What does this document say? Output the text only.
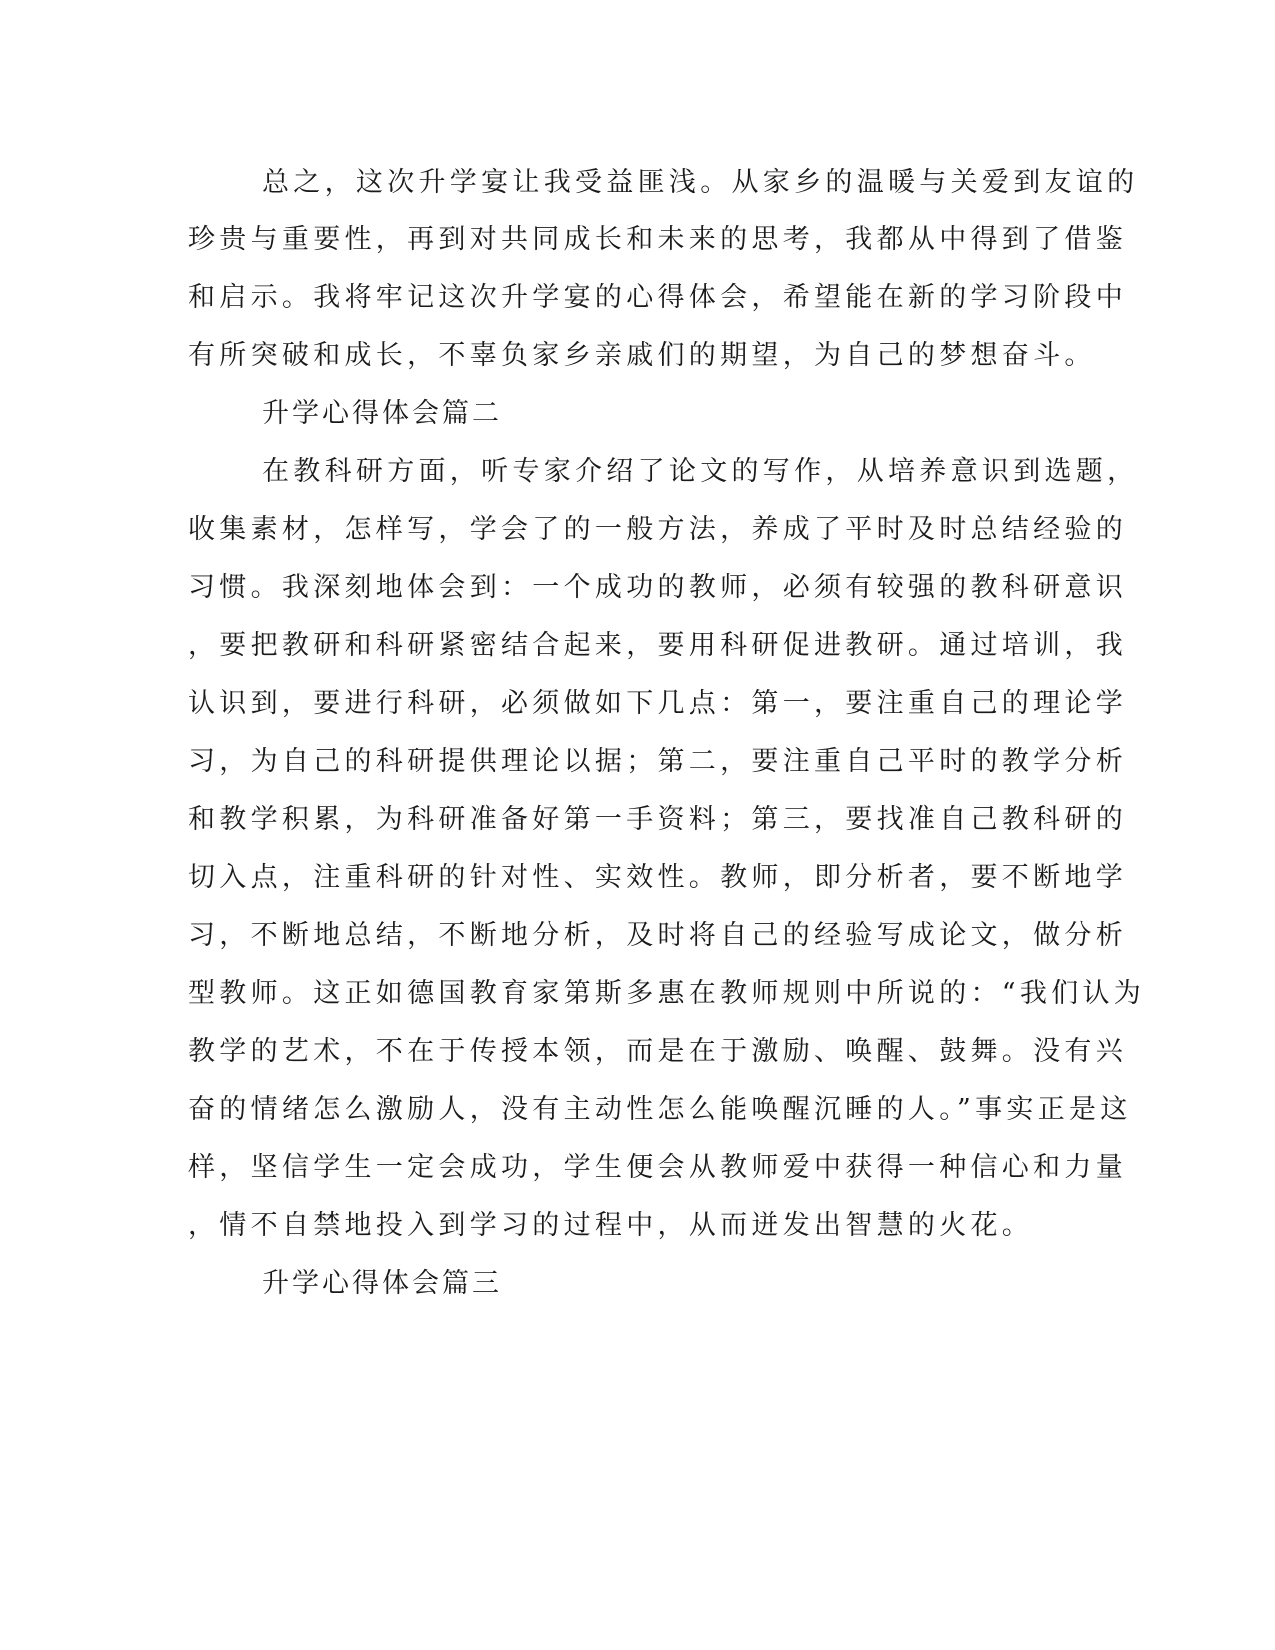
总之，这次升学宴让我受益匪浅。从家乡的温暖与关爱到友谊的
珍贵与重要性，再到对共同成长和未来的思考，我都从中得到了借鉴
和启示。我将牢记这次升学宴的心得体会，希望能在新的学习阶段中
有所突破和成长，不辜负家乡亲戚们的期望，为自己的梦想奋斗。
升学心得体会篇二
在教科研方面，听专家介绍了论文的写作，从培养意识到选题，
收集素材，怎样写，学会了的一般方法，养成了平时及时总结经验的
习惯。我深刻地体会到：一个成功的教师，必须有较强的教科研意识
，要把教研和科研紧密结合起来，要用科研促进教研。通过培训，我
认识到，要进行科研，必须做如下几点：第一，要注重自己的理论学
习，为自己的科研提供理论以据；第二，要注重自己平时的教学分析
和教学积累，为科研准备好第一手资料；第三，要找准自己教科研的
切入点，注重科研的针对性、实效性。教师，即分析者，要不断地学
习，不断地总结，不断地分析，及时将自己的经验写成论文，做分析
型教师。这正如德国教育家第斯多惠在教师规则中所说的：“我们认为
教学的艺术，不在于传授本领，而是在于激励、唤醒、鼓舞。没有兴
奋的情绪怎么激励人，没有主动性怎么能唤醒沉睡的人。”事实正是这
样，坚信学生一定会成功，学生便会从教师爱中获得一种信心和力量
，情不自禁地投入到学习的过程中，从而迸发出智慧的火花。
升学心得体会篇三
